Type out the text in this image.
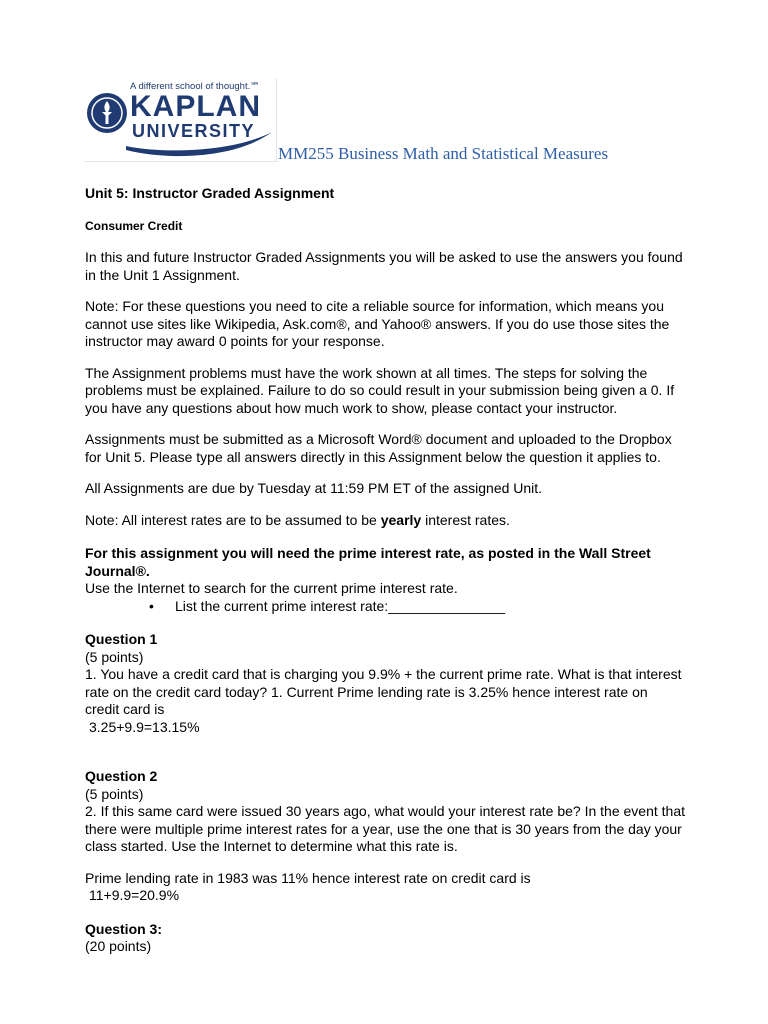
A different school of thought.℠
KAPLAN
UNIVERSITY
MM255 Business Math and Statistical Measures

Unit 5: Instructor Graded Assignment

Consumer Credit

In this and future Instructor Graded Assignments you will be asked to use the answers you found in the Unit 1 Assignment.

Note: For these questions you need to cite a reliable source for information, which means you cannot use sites like Wikipedia, Ask.com®, and Yahoo® answers. If you do use those sites the instructor may award 0 points for your response.

The Assignment problems must have the work shown at all times. The steps for solving the problems must be explained. Failure to do so could result in your submission being given a 0. If you have any questions about how much work to show, please contact your instructor.

Assignments must be submitted as a Microsoft Word® document and uploaded to the Dropbox for Unit 5. Please type all answers directly in this Assignment below the question it applies to.

All Assignments are due by Tuesday at 11:59 PM ET of the assigned Unit.

Note: All interest rates are to be assumed to be yearly interest rates.

For this assignment you will need the prime interest rate, as posted in the Wall Street Journal®.

Use the Internet to search for the current prime interest rate.

•	List the current prime interest rate:_______________

Question 1

(5 points)

1. You have a credit card that is charging you 9.9% + the current prime rate. What is that interest rate on the credit card today? 1. Current Prime lending rate is 3.25% hence interest rate on credit card is

3.25+9.9=13.15%

Question 2

(5 points)

2. If this same card were issued 30 years ago, what would your interest rate be? In the event that there were multiple prime interest rates for a year, use the one that is 30 years from the day your class started. Use the Internet to determine what this rate is.

Prime lending rate in 1983 was 11% hence interest rate on credit card is

11+9.9=20.9%

Question 3:

(20 points)
